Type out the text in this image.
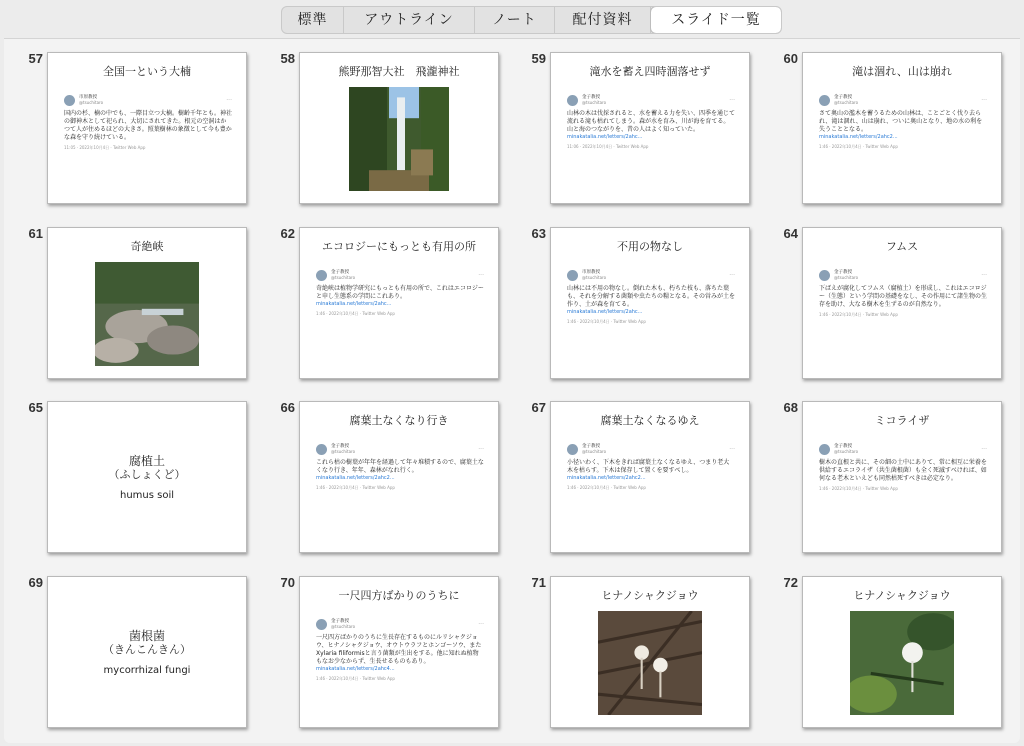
標準	アウトライン	ノート	配付資料	スライド一覧
57
全国一という大楠
市原教授
@tsuchitaro	···
国内の杉、楠の中でも、一際目立つ大楠。樹齢千年とも。神社の御神木として祀られ、大切にされてきた。根元の空洞はかつて人が住めるほどの大きさ。照葉樹林の象徴として今も豊かな森を守り続けている。
11:05 · 2022年10月4日 · Twitter Web App
58
熊野那智大社　飛瀧神社
59
滝水を蓄え四時涸落せず
金子教授
@tsuchitaro	···
山林の木は伐採されると、水を蓄える力を失い、四季を通じて流れる滝も枯れてしまう。森が水を育み、川が海を育てる。山と海のつながりを、昔の人はよく知っていた。
minakatalia.net/letters/2ahc...
11:06 · 2022年10月4日 · Twitter Web App
60
滝は涸れ、山は崩れ
金子教授
@tsuchitaro	···
さて奥山の濫木を蓄うるための山林は、ことごとく伐り去られ、滝は涸れ、山は崩れ、ついに奥山となり、地の水の利を失うこととなる。
minakatalia.net/letters/2ahc2...
1:46 · 2022年10月4日 · Twitter Web App
61
奇絶峡
62
エコロジーにもっとも有用の所
金子教授
@tsuchitaro	···
奇絶峡は植物学研究にもっとも有用の所で、これはエコロジーと申し生態系の学問にこれあり。
minakatalia.net/letters/2ahc...
1:46 · 2022年10月4日 · Twitter Web App
63
不用の物なし
市原教授
@tsuchitaro	···
山林には不用の物なし。倒れた木も、朽ちた枝も、落ちた葉も、それを分解する菌類や虫たちの糧となる。その営みが土を作り、土が森を育てる。
minakatalia.net/letters/2ahc...
1:46 · 2022年10月4日 · Twitter Web App
64
フムス
金子教授
@tsuchitaro	···
下ばえが腐化してフムス（腐植土）を形成し、これはエコロジー（生態）という学問の基礎をなし、その作用にて諸生物の生存を助け、大なる樹木を生ずるのが自然なり。
1:46 · 2022年10月4日 · Twitter Web App
65
腐植土
（ふしょくど）
humus soil
66
腐葉土なくなり行き
金子教授
@tsuchitaro	···
これら枯の樹葉が年年を経過して年々堆積するので、腐葉土なくなり行き、年年、森林がなれ行く。
minakatalia.net/letters/2ahc2...
1:46 · 2022年10月4日 · Twitter Web App
67
腐葉土なくなるゆえ
金子教授
@tsuchitaro	···
小径いわく、下木をきれば腐葉土なくなるゆえ、つまり老大木を枯らす。下木は保存して置くを要すべし。
minakatalia.net/letters/2ahc2...
1:46 · 2022年10月4日 · Twitter Web App
68
ミコライザ
金子教授
@tsuchitaro	···
樹木の直根と共に、その細の土中にありて、常に相互に栄養を供給するエコライザ（共生菌根菌）も全く死滅すべければ、如何なる老木といえども同然枯死すべきは必定なり。
1:46 · 2022年10月4日 · Twitter Web App
69
菌根菌
（きんこんきん）
mycorrhizal fungi
70
一尺四方ばかりのうちに
金子教授
@tsuchitaro	···
一尺四方ばかりのうちに生長存在するものにルリシャクジョウ、ヒナノシャクジョウ、オウトウラフとホンゴーソウ、またXylaria filiformisと言う菌類が生出をする。他に知れぬ植物もなお少なからず、生長せるものもあり。
minakatalia.net/letters/2ahc4...
1:46 · 2022年10月4日 · Twitter Web App
71
ヒナノシャクジョウ
72
ヒナノシャクジョウ
